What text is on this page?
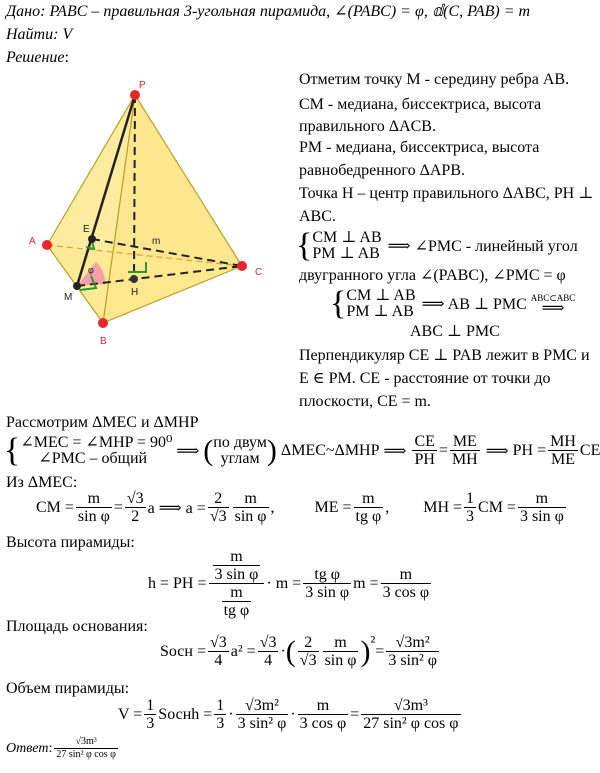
Дано: PABC – правильная 3-угольная пирамида, ∠(PABC) = φ, 𝕕(C, PAB) = m
Найти: V
Решение:
P
A
B
C
M
E
H
m
φ
Отметим точку M - середину ребра AB.
CM - медиана, биссектриса, высота
правильного ΔACB.
PM - медиана, биссектриса, высота
равнобедренного ΔAPB.
Точка H – центр правильного ΔABC, PH ⊥
ABC.
{ CM ⊥ AB
PM ⊥ AB ⟹ ∠PMC - линейный угол
двугранного угла ∠(PABC), ∠PMC = φ
{ CM ⊥ AB
PM ⊥ AB ⟹ AB ⊥ PMC ABC⊂ABC
⟹
ABC ⊥ PMC
Перпендикуляр CE ⊥ PAB лежит в PMC и
E ∈ PM. CE - расстояние от точки до
плоскости, CE = m.
Рассмотрим ΔMEC и ΔMHP
{ ∠MEC = ∠MHP = 90⁰
∠PMC – общий	⟹ ( по двум
углам ) ΔMEC~ΔMHP ⟹ $\frac{CE}{PH} = \frac{ME}{MH}$ ⟹ PH = $\frac{MH}{ME}$ CE
Из ΔMEC:
CM = $\frac{m}{\text{sin φ}} = \frac{√3}{2}$ a ⟹ $a = \frac{2}{√3} \frac{m}{\text{sin φ}}$ ,	ME = $\frac{m}{\text{tg φ}}$ , MH = $\frac{1}{3}$ CM = $\frac{m}{\text{3 sin φ}}$
Высота пирамиды:
h = PH = $\frac{m}{\text{3 sin φ}}$
$\frac{m}{\text{tg φ}}$
· $m = \frac{\text{tg φ}}{\text{3 sin φ}}$ $m = \frac{m}{\text{3 cos φ}}$
Площадь основания:
Sосн = $\frac{√3}{4} a^2 = \frac{√3}{4}$ · ( $\frac{2}{√3} \frac{m}{\text{sin φ}}$ ) $^2 = \frac{\text{√3m²}}{\text{3 sin² φ}}$
Объем пирамиды:
$V = \frac{1}{3}$ Sоснh = $\frac{1}{3} \cdot \frac{\text{√3m²}}{\text{3 sin² φ}} \cdot \frac{m}{\text{3 cos φ}} = \frac{\text{√3m³}}{\text{27 sin² φ cos φ}}$
Ответ : $\frac{\text{√3m³}}{\text{27 sin² φ cos φ}}$
